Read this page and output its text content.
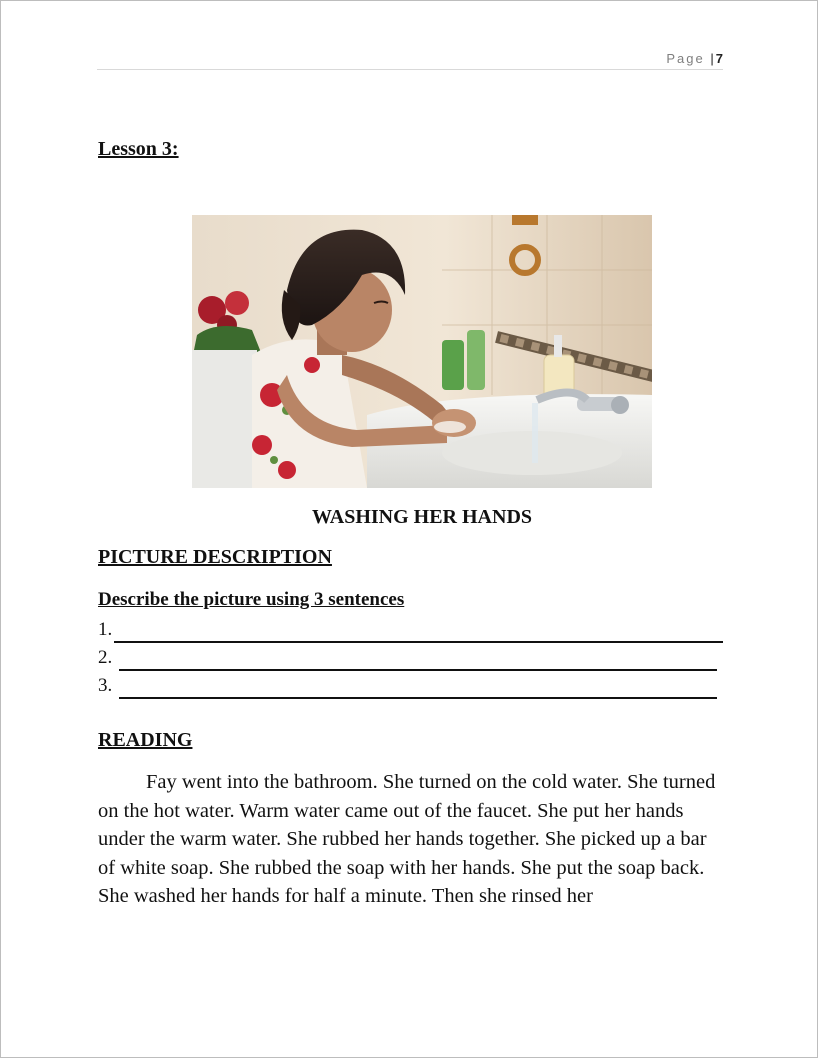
Page | 7
Lesson 3:
WASHING HER HANDS
PICTURE DESCRIPTION
Describe the picture using 3 sentences
1.
2.
3.
READING

Fay went into the bathroom. She turned on the cold water. She turned on the hot water. Warm water came out of the faucet. She put her hands under the warm water. She rubbed her hands together. She picked up a bar of white soap. She rubbed the soap with her hands. She put the soap back. She washed her hands for half a minute. Then she rinsed her
